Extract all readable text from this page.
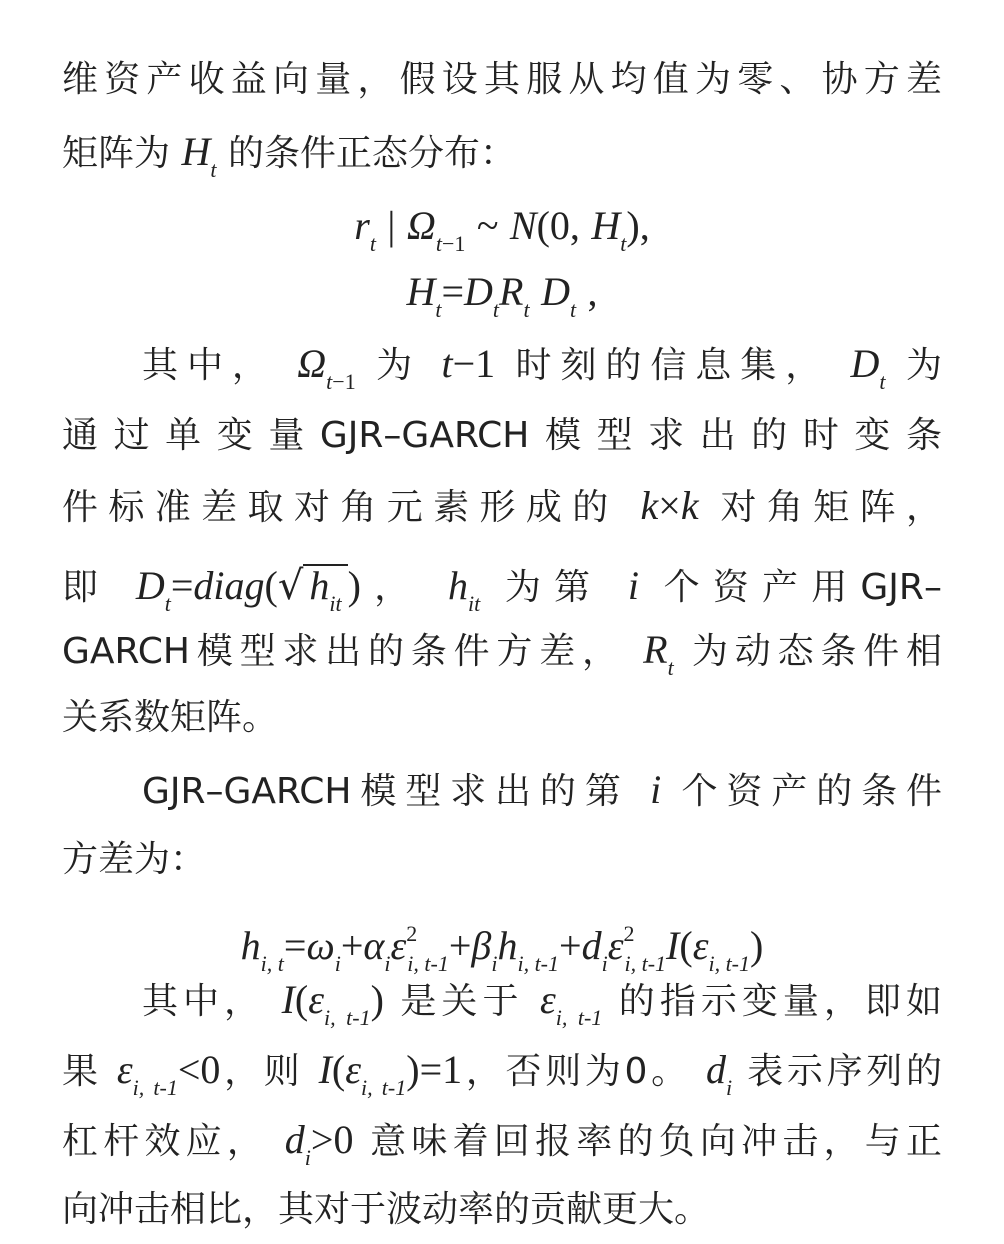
维资产收益向量，假设其服从均值为零、协方差
矩阵为 $H_t$ 的条件正态分布：
$r_t$ | $\Omega_{t-1}$ ~ N(0, $H_t$),
$H_t=D_tR_t$ $D_t$ ,
其中， $\Omega_{t-1}$ 为 t−1 时刻的信息集， $D_t$ 为
通过单变量GJR–GARCH模型求出的时变条
件标准差取对角元素形成的 k×k 对角矩阵，
即 $D_t=diag(√$ $h_{it}$ )， $h_{it}$ 为第 i 个资产用GJR–
GARCH模型求出的条件方差， $R_t$ 为动态条件相
关系数矩阵。
GJR–GARCH模型求出的第 i 个资产的条件
方差为：
$h_{i, t}=\omega_i+\alpha_i\varepsilon^2_{i, t-1}+\beta_ih_{i, t-1}+d_i\varepsilon^2_{i, t-1}I(\varepsilon_{i, t-1})$
其中， $I(\varepsilon_{i, t-1})$ 是关于 $\varepsilon_{i, t-1}$ 的指示变量，即如
果 $\varepsilon_{i, t-1}<0$，则 $I(\varepsilon_{i, t-1})=1$，否则为0。 $d_i$ 表示序列的
杠杆效应， $d_i>0$ 意味着回报率的负向冲击，与正
向冲击相比，其对于波动率的贡献更大。
